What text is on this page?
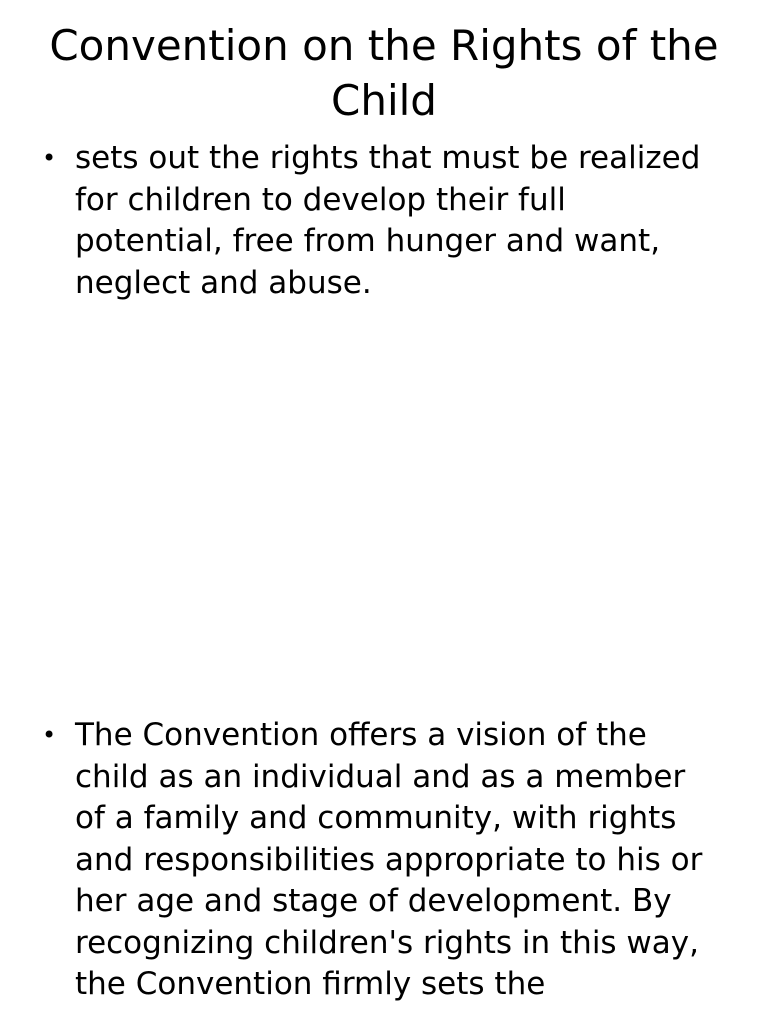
Convention on the Rights of the Child
• sets out the rights that must be realized for children to develop their full potential, free from hunger and want, neglect and abuse.
• The Convention offers a vision of the child as an individual and as a member of a family and community, with rights and responsibilities appropriate to his or her age and stage of development. By recognizing children's rights in this way, the Convention firmly sets the
